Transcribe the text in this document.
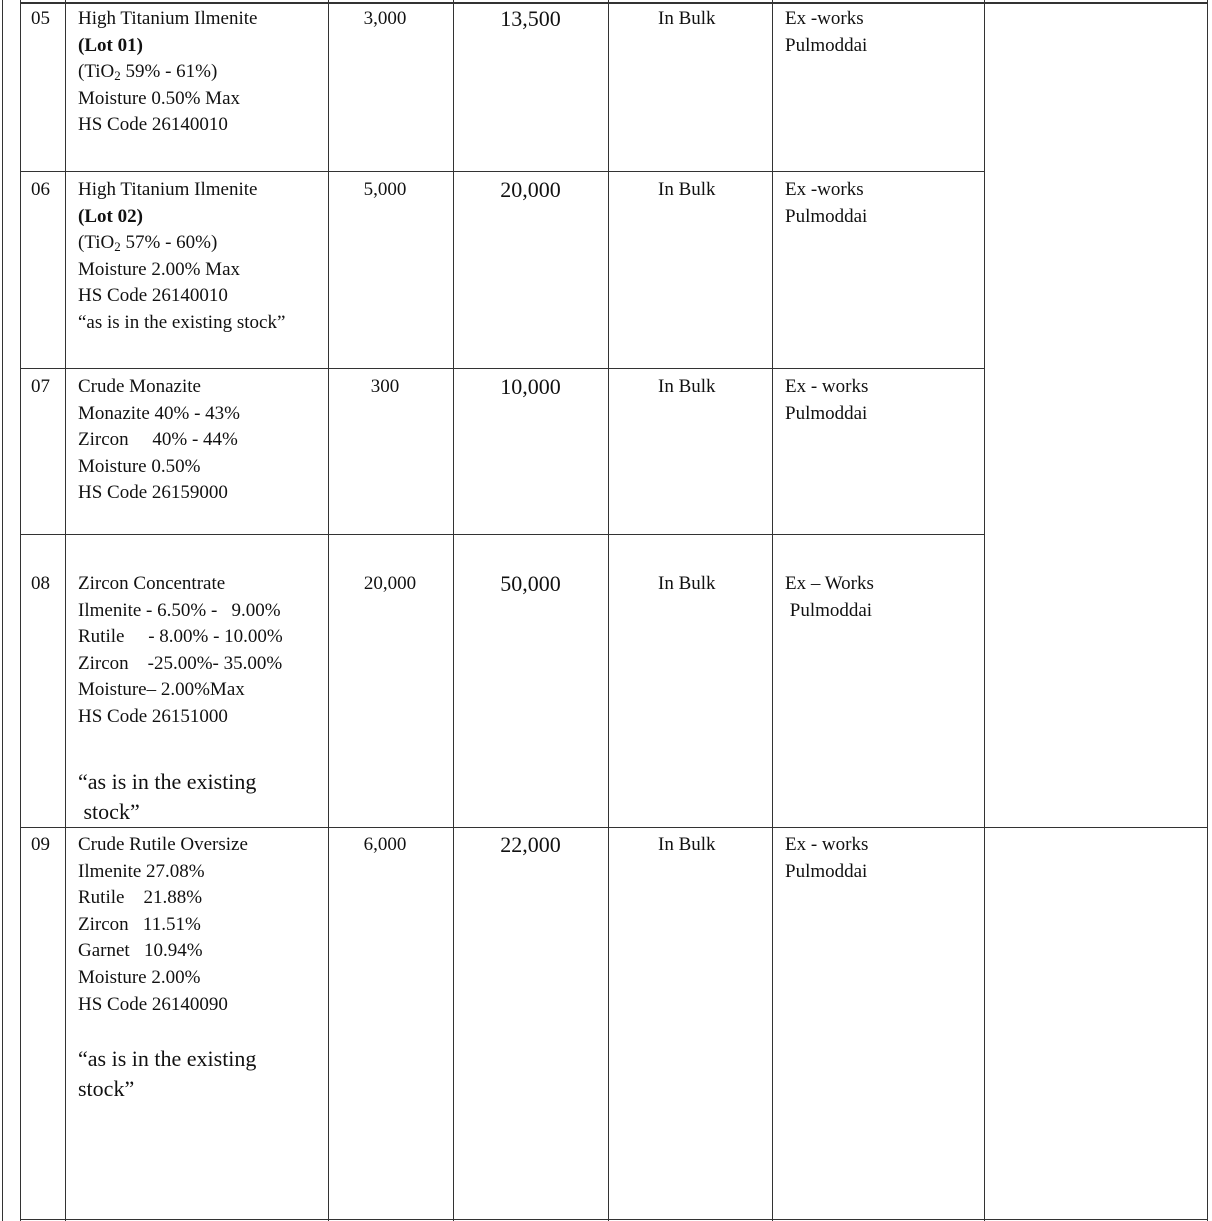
05 High Titanium Ilmenite
(Lot 01)
(TiO$_2$ 59% - 61%)
Moisture 0.50% Max
HS Code 26140010
3,000	13,500	In Bulk	Ex -works
Pulmoddai
06 High Titanium Ilmenite
(Lot 02)
(TiO$_2$ 57% - 60%)
Moisture 2.00% Max
HS Code 26140010
“as is in the existing stock”
5,000	20,000	In Bulk	Ex -works
Pulmoddai
07 Crude Monazite
Monazite 40% - 43%
Zircon     40% - 44%
Moisture 0.50%
HS Code 26159000
300	10,000	In Bulk	Ex - works
Pulmoddai
08 Zircon Concentrate
Ilmenite - 6.50% -   9.00%
Rutile     - 8.00% - 10.00%
Zircon    -25.00%- 35.00%
Moisture– 2.00%Max
HS Code 26151000
“as is in the existing
stock”
20,000	50,000	In Bulk	Ex – Works
Pulmoddai
09 Crude Rutile Oversize
Ilmenite 27.08%
Rutile    21.88%
Zircon   11.51%
Garnet   10.94%
Moisture 2.00%
HS Code 26140090
“as is in the existing
stock”
6,000	22,000	In Bulk	Ex - works
Pulmoddai
